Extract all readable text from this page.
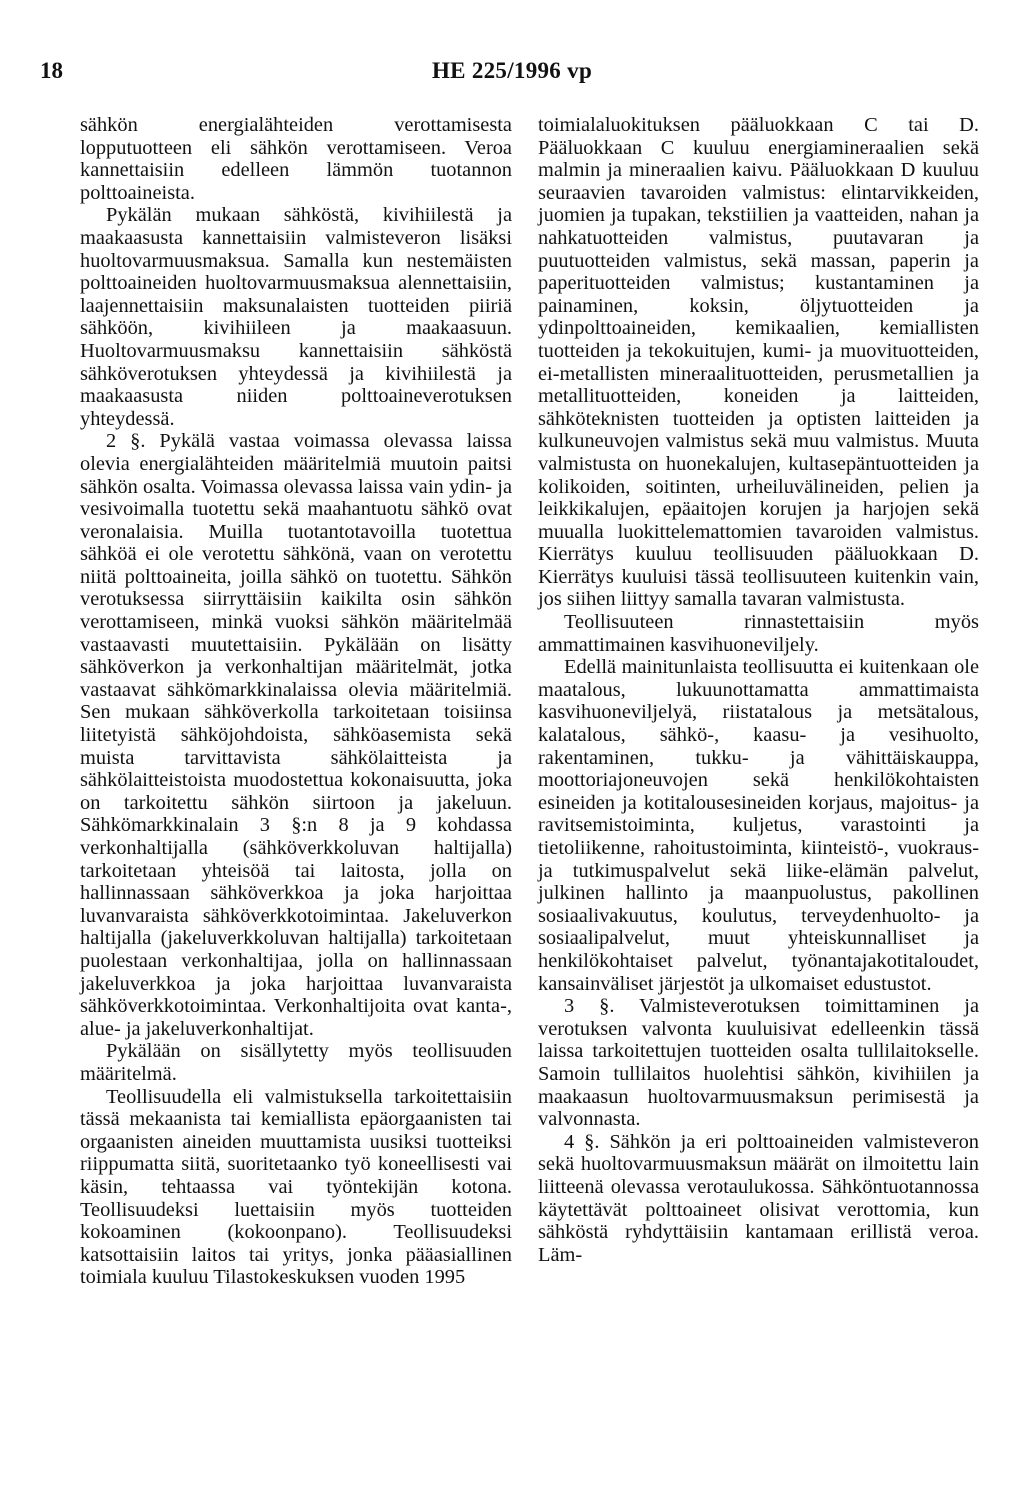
18	HE 225/1996 vp

sähkön energialähteiden verottamisesta lopputuotteen eli sähkön verottamiseen. Veroa kannettaisiin edelleen lämmön tuotannon polttoaineista.

Pykälän mukaan sähköstä, kivihiilestä ja maakaasusta kannettaisiin valmisteveron lisäksi huoltovarmuusmaksua. Samalla kun nestemäisten polttoaineiden huoltovarmuusmaksua alennettaisiin, laajennettaisiin maksunalaisten tuotteiden piiriä sähköön, kivihiileen ja maakaasuun. Huoltovarmuusmaksu kannettaisiin sähköstä sähköverotuksen yhteydessä ja kivihiilestä ja maakaasusta niiden polttoaineverotuksen yhteydessä.

2 §. Pykälä vastaa voimassa olevassa laissa olevia energialähteiden määritelmiä muutoin paitsi sähkön osalta. Voimassa olevassa laissa vain ydin- ja vesivoimalla tuotettu sekä maahantuotu sähkö ovat veronalaisia. Muilla tuotantotavoilla tuotettua sähköä ei ole verotettu sähkönä, vaan on verotettu niitä polttoaineita, joilla sähkö on tuotettu. Sähkön verotuksessa siirryttäisiin kaikilta osin sähkön verottamiseen, minkä vuoksi sähkön määritelmää vastaavasti muutettaisiin. Pykälään on lisätty sähköverkon ja verkonhaltijan määritelmät, jotka vastaavat sähkömarkkinalaissa olevia määritelmiä. Sen mukaan sähköverkolla tarkoitetaan toisiinsa liitetyistä sähköjohdoista, sähköasemista sekä muista tarvittavista sähkölaitteista ja sähkölaitteistoista muodostettua kokonaisuutta, joka on tarkoitettu sähkön siirtoon ja jakeluun. Sähkömarkkinalain 3 §:n 8 ja 9 kohdassa verkonhaltijalla (sähköverkkoluvan haltijalla) tarkoitetaan yhteisöä tai laitosta, jolla on hallinnassaan sähköverkkoa ja joka harjoittaa luvanvaraista sähköverkkotoimintaa. Jakeluverkon haltijalla (jakeluverkkoluvan haltijalla) tarkoitetaan puolestaan verkonhaltijaa, jolla on hallinnassaan jakeluverkkoa ja joka harjoittaa luvanvaraista sähköverkkotoimintaa. Verkonhaltijoita ovat kanta-, alue- ja jakeluverkonhaltijat.

Pykälään on sisällytetty myös teollisuuden määritelmä.

Teollisuudella eli valmistuksella tarkoitettaisiin tässä mekaanista tai kemiallista epäorgaanisten tai orgaanisten aineiden muuttamista uusiksi tuotteiksi riippumatta siitä, suoritetaanko työ koneellisesti vai käsin, tehtaassa vai työntekijän kotona. Teollisuudeksi luettaisiin myös tuotteiden kokoaminen (kokoonpano). Teollisuudeksi katsottaisiin laitos tai yritys, jonka pääasiallinen toimiala kuuluu Tilastokeskuksen vuoden 1995

toimialaluokituksen pääluokkaan C tai D. Pääluokkaan C kuuluu energiamineraalien sekä malmin ja mineraalien kaivu. Pääluokkaan D kuuluu seuraavien tavaroiden valmistus: elintarvikkeiden, juomien ja tupakan, tekstiilien ja vaatteiden, nahan ja nahkatuotteiden valmistus, puutavaran ja puutuotteiden valmistus, sekä massan, paperin ja paperituotteiden valmistus; kustantaminen ja painaminen, koksin, öljytuotteiden ja ydinpolttoaineiden, kemikaalien, kemiallisten tuotteiden ja tekokuitujen, kumi- ja muovituotteiden, ei-metallisten mineraalituotteiden, perusmetallien ja metallituotteiden, koneiden ja laitteiden, sähköteknisten tuotteiden ja optisten laitteiden ja kulkuneuvojen valmistus sekä muu valmistus. Muuta valmistusta on huonekalujen, kultasepäntuotteiden ja kolikoiden, soitinten, urheiluvälineiden, pelien ja leikkikalujen, epäaitojen korujen ja harjojen sekä muualla luokittelemattomien tavaroiden valmistus. Kierrätys kuuluu teollisuuden pääluokkaan D. Kierrätys kuuluisi tässä teollisuuteen kuitenkin vain, jos siihen liittyy samalla tavaran valmistusta.

Teollisuuteen rinnastettaisiin myös ammattimainen kasvihuoneviljely.

Edellä mainitunlaista teollisuutta ei kuitenkaan ole maatalous, lukuunottamatta ammattimaista kasvihuoneviljelyä, riistatalous ja metsätalous, kalatalous, sähkö-, kaasu- ja vesihuolto, rakentaminen, tukku- ja vähittäiskauppa, moottoriajoneuvojen sekä henkilökohtaisten esineiden ja kotitalousesineiden korjaus, majoitus- ja ravitsemistoiminta, kuljetus, varastointi ja tietoliikenne, rahoitustoiminta, kiinteistö-, vuokraus- ja tutkimuspalvelut sekä liike-elämän palvelut, julkinen hallinto ja maanpuolustus, pakollinen sosiaalivakuutus, koulutus, terveydenhuolto- ja sosiaalipalvelut, muut yhteiskunnalliset ja henkilökohtaiset palvelut, työnantajakotitaloudet, kansainväliset järjestöt ja ulkomaiset edustustot.

3 §. Valmisteverotuksen toimittaminen ja verotuksen valvonta kuuluisivat edelleenkin tässä laissa tarkoitettujen tuotteiden osalta tullilaitokselle. Samoin tullilaitos huolehtisi sähkön, kivihiilen ja maakaasun huoltovarmuusmaksun perimisestä ja valvonnasta.

4 §. Sähkön ja eri polttoaineiden valmisteveron sekä huoltovarmuusmaksun määrät on ilmoitettu lain liitteenä olevassa verotaulukossa. Sähköntuotannossa käytettävät polttoaineet olisivat verottomia, kun sähköstä ryhdyttäisiin kantamaan erillistä veroa. Läm-
